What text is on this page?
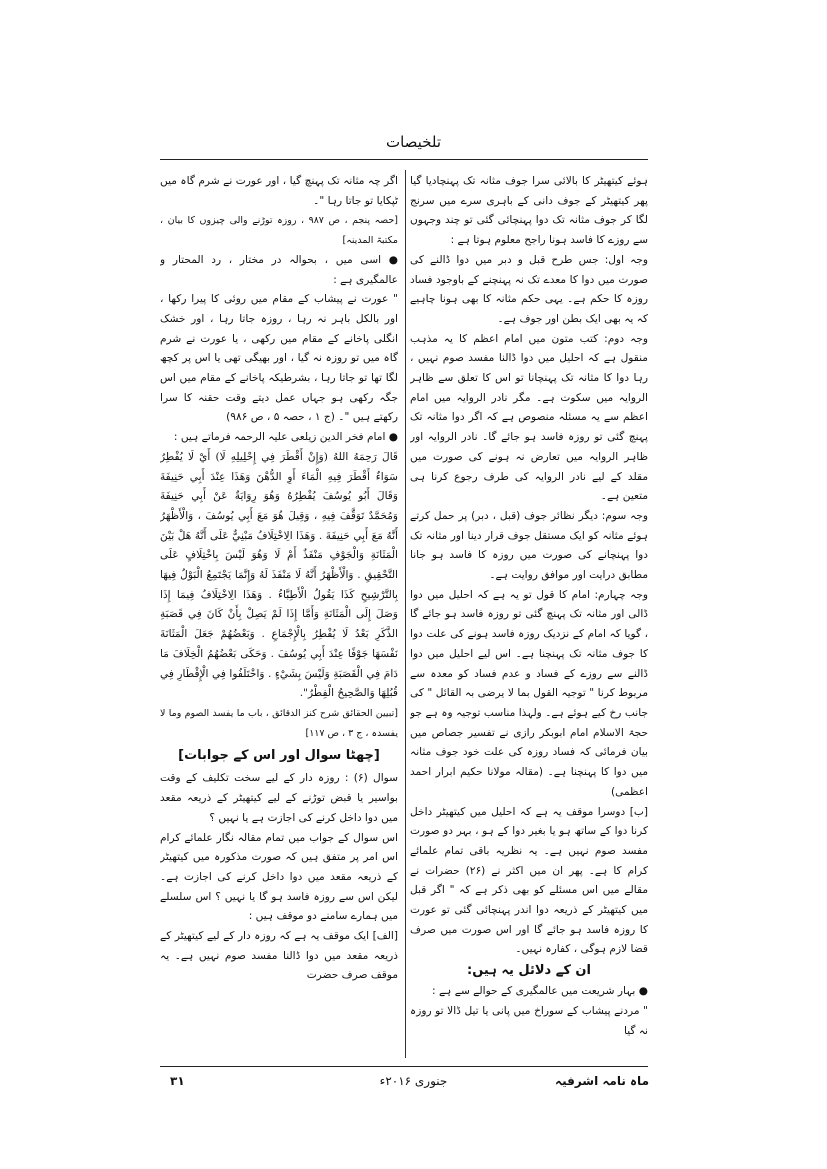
تلخیصات

ہوئے کیتھیٹر کا بالائی سرا جوف مثانہ تک پہنچادیا گیا پھر کیتھیٹر کے جوف دانی کے باہری سرے میں سرنج لگا کر جوف مثانہ تک دوا پہنچائی گئی تو چند وجہوں سے روزے کا فاسد ہونا راجح معلوم ہوتا ہے :

وجہ اول: جس طرح قبل و دبر میں دوا ڈالنے کی صورت میں دوا کا معدے تک نہ پہنچنے کے باوجود فساد روزہ کا حکم ہے۔ یہی حکم مثانہ کا بھی ہونا چاہیے کہ یہ بھی ایک بطن اور جوف ہے۔

وجہ دوم: کتب متون میں امام اعظم کا یہ مذہب منقول ہے کہ احلیل میں دوا ڈالنا مفسد صوم نہیں ، رہا دوا کا مثانہ تک پہنچانا تو اس کا تعلق سے ظاہر الروایہ میں سکوت ہے۔ مگر نادر الروایہ میں امام اعظم سے یہ مسئلہ منصوص ہے کہ اگر دوا مثانہ تک پہنچ گئی تو روزہ فاسد ہو جائے گا۔ نادر الروایہ اور ظاہر الروایہ میں تعارض نہ ہونے کی صورت میں مقلد کے لیے نادر الروایہ کی طرف رجوع کرنا ہی متعین ہے۔

وجہ سوم: دیگر نظائر جوف (قبل ، دبر) پر حمل کرتے ہوئے مثانہ کو ایک مستقل جوف قرار دینا اور مثانہ تک دوا پہنچانے کی صورت میں روزہ کا فاسد ہو جانا مطابق درایت اور موافق روایت ہے۔

وجہ چہارم: امام کا قول تو یہ ہے کہ احلیل میں دوا ڈالی اور مثانہ تک پہنچ گئی تو روزہ فاسد ہو جائے گا ، گویا کہ امام کے نزدیک روزہ فاسد ہونے کی علت دوا کا جوف مثانہ تک پہنچنا ہے۔ اس لیے احلیل میں دوا ڈالنے سے روزے کے فساد و عدم فساد کو معدہ سے مربوط کرنا " توجیہ القول بما لا یرضی بہ القائل " کی جانب رخ کیے ہوئے ہے۔ ولہذا مناسب توجیہ وہ ہے جو حجۃ الاسلام امام ابوبکر رازی نے تفسیر جصاص میں بیان فرمائی کہ فساد روزہ کی علت خود جوف مثانہ میں دوا کا پہنچنا ہے۔ (مقالہ مولانا حکیم ابرار احمد اعظمی)

[ب] دوسرا موقف یہ ہے کہ احلیل میں کیتھیٹر داخل کرنا دوا کے ساتھ ہو یا بغیر دوا کے ہو ، بہر دو صورت مفسد صوم نہیں ہے۔ یہ نظریہ باقی تمام علمائے کرام کا ہے۔ پھر ان میں اکثر نے (۲۶) حضرات نے مقالے میں اس مسئلے کو بھی ذکر ہے کہ " اگر قبل میں کیتھیٹر کے ذریعہ دوا اندر پہنچائی گئی تو عورت کا روزہ فاسد ہو جائے گا اور اس صورت میں صرف قضا لازم ہوگی ، کفارہ نہیں۔

ان کے دلائل یہ ہیں:

● بہار شریعت میں عالمگیری کے حوالے سے ہے :

" مردنے پیشاب کے سوراخ میں پانی یا تیل ڈالا تو روزہ نہ گیا

اگر چہ مثانہ تک پہنچ گیا ، اور عورت نے شرم گاہ میں ٹپکایا تو جاتا رہا "۔

[حصہ پنجم ، ص ۹۸۷ ، روزہ توڑنے والی چیزوں کا بیان ، مکتبۃ المدینہ]

● اسی میں ، بحوالہ در مختار ، رد المحتار و عالمگیری ہے :

" عورت نے پیشاب کے مقام میں روئی کا پیرا رکھا ، اور بالکل باہر نہ رہا ، روزہ جاتا رہا ، اور خشک انگلی پاخانے کے مقام میں رکھی ، یا عورت نے شرم گاہ میں تو روزہ نہ گیا ، اور بھیگی تھی یا اس پر کچھ لگا تھا تو جاتا رہا ، بشرطیکہ پاخانے کے مقام میں اس جگہ رکھی ہو جہاں عمل دیتے وقت حقنہ کا سرا رکھتے ہیں "۔ (ج ۱ ، حصہ ۵ ، ص ۹۸۶)

● امام فخر الدین زیلعی علیہ الرحمہ فرماتے ہیں :

قَالَ رَحِمَهُ اللهُ (وَإِنْ أَقْطَرَ فِي إِحْلِيلِهِ لَا) أَيْ لَا يُفْطِرُ سَوَاءٌ أَقْطَرَ فِيهِ الْمَاءَ أَوِ الدُّهْنَ وَهَذَا عِنْدَ أَبِي حَنِيفَةَ وَقَالَ أَبُو يُوسُفَ يُفْطِرُهُ وَهُوَ رِوَايَةٌ عَنْ أَبِي حَنِيفَةَ وَمُحَمَّدٌ تَوَقَّفَ فِيهِ ، وَقِيلَ هُوَ مَعَ أَبِي يُوسُفَ ، وَالْأَظْهَرُ أَنَّهُ مَعَ أَبِي حَنِيفَةَ . وَهَذَا الِاخْتِلَافُ مَبْنِيٌّ عَلَى أَنَّهُ هَلْ بَيْنَ الْمَثَانَةِ وَالْجَوْفِ مَنْفَذٌ أَمْ لَا وَهُوَ لَيْسَ بِاخْتِلَافٍ عَلَى التَّحْقِيقِ . وَالْأَظْهَرُ أَنَّهُ لَا مَنْفَذَ لَهُ وَإِنَّمَا يَجْتَمِعُ الْبَوْلُ فِيهَا بِالتَّرْشِيحِ كَذَا يَقُولُ الْأَطِبَّاءُ . وَهَذَا الِاخْتِلَافُ فِيمَا إِذَا وَصَلَ إِلَى الْمَثَانَةِ وَأَمَّا إِذَا لَمْ يَصِلْ بِأَنْ كَانَ فِي قَصَبَةِ الذَّكَرِ بَعْدُ لَا يُفْطِرُ بِالْإِجْمَاعِ . وَبَعْضُهُمْ جَعَلَ الْمَثَانَةَ نَفْسَهَا جَوْفًا عِنْدَ أَبِي يُوسُفَ . وَحَكَى بَعْضُهُمُ الْخِلَافَ مَا دَامَ فِي الْقَصَبَةِ وَلَيْسَ بِشَيْءٍ . وَاخْتَلَفُوا فِي الْإِقْطَارِ فِي قُبُلِهَا وَالصَّحِيحُ الْفِطْرُ".

[تبیین الحقائق شرح کنز الدقائق ، باب ما یفسد الصوم وما لا یفسدہ ، ج ۳ ، ص ۱۱۷]

[چھٹا سوال اور اس کے جوابات]

سوال (۶) : روزہ دار کے لیے سخت تکلیف کے وقت بواسیر یا قبض توڑنے کے لیے کیتھیٹر کے ذریعہ مقعد میں دوا داخل کرنے کی اجازت ہے یا نہیں ؟

اس سوال کے جواب میں تمام مقالہ نگار علمائے کرام اس امر پر متفق ہیں کہ صورت مذکورہ میں کیتھیٹر کے ذریعہ مقعد میں دوا داخل کرنے کی اجازت ہے۔ لیکن اس سے روزہ فاسد ہو گا یا نہیں ؟ اس سلسلے میں ہمارے سامنے دو موقف ہیں :

[الف] ایک موقف یہ ہے کہ روزہ دار کے لیے کیتھیٹر کے ذریعہ مقعد میں دوا ڈالنا مفسد صوم نہیں ہے۔ یہ موقف صرف حضرت

ماہ نامہ اشرفیہ
جنوری ۲۰۱۶ء
۳۱
